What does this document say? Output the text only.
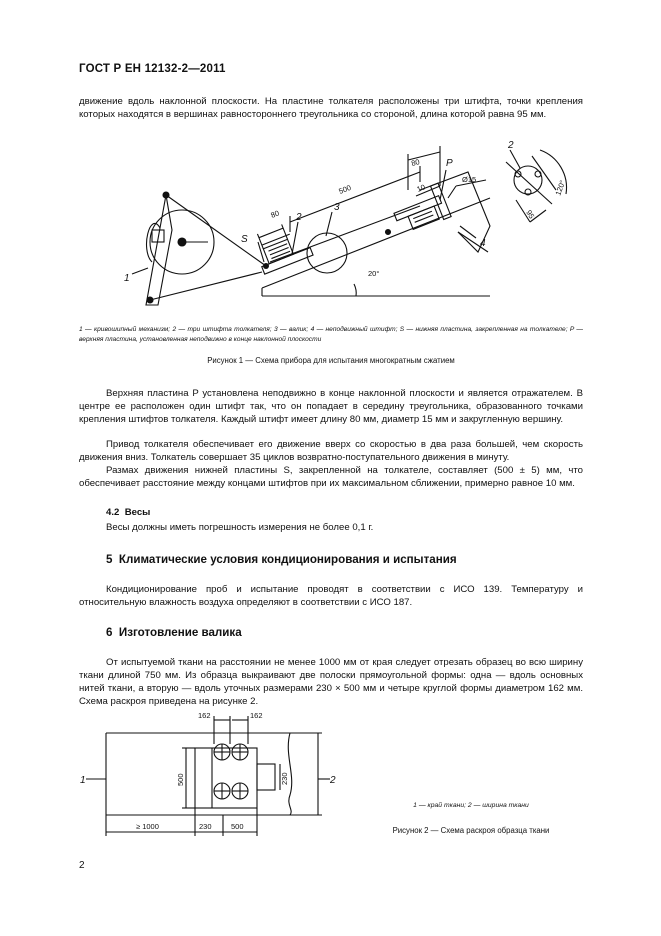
ГОСТ Р ЕН 12132-2—2011
движение вдоль наклонной плоскости. На пластине толкателя расположены три штифта, точки крепления которых находятся в вершинах равностороннего треугольника со стороной, длина которой равна 95 мм.
1
2
3
4
S
P
2
80
500
80
10
Ø15
95
120°
20°
1 — кривошипный механизм; 2 — три штифта толкателя; 3 — валик; 4 — неподвижный штифт; S — нижняя пластина, закрепленная на толкателе; P — верхняя пластина, установленная неподвижно в конце наклонной плоскости
Рисунок 1 — Схема прибора для испытания многократным сжатием
Верхняя пластина P установлена неподвижно в конце наклонной плоскости и является отражателем. В центре ее расположен один штифт так, что он попадает в середину треугольника, образованного точками крепления штифтов толкателя. Каждый штифт имеет длину 80 мм, диаметр 15 мм и закругленную вершину.
Привод толкателя обеспечивает его движение вверх со скоростью в два раза большей, чем скорость движения вниз. Толкатель совершает 35 циклов возвратно-поступательного движения в минуту.
Размах движения нижней пластины S, закрепленной на толкателе, составляет (500 ± 5) мм, что обеспечивает расстояние между концами штифтов при их максимальном сближении, примерно равное 10 мм.
4.2 Весы
Весы должны иметь погрешность измерения не более 0,1 г.
5 Климатические условия кондиционирования и испытания
Кондиционирование проб и испытание проводят в соответствии с ИСО 139. Температуру и относительную влажность воздуха определяют в соответствии с ИСО 187.
6 Изготовление валика
От испытуемой ткани на расстоянии не менее 1000 мм от края следует отрезать образец во всю ширину ткани длиной 750 мм. Из образца выкраивают две полоски прямоугольной формы: одна — вдоль основных нитей ткани, а вторую — вдоль уточных размерами 230 × 500 мм и четыре круглой формы диаметром 162 мм. Схема раскроя приведена на рисунке 2.
1	2
162	162
500	230
≥ 1000	230	500
1 — край ткани; 2 — ширина ткани
Рисунок 2 — Схема раскроя образца ткани
2
